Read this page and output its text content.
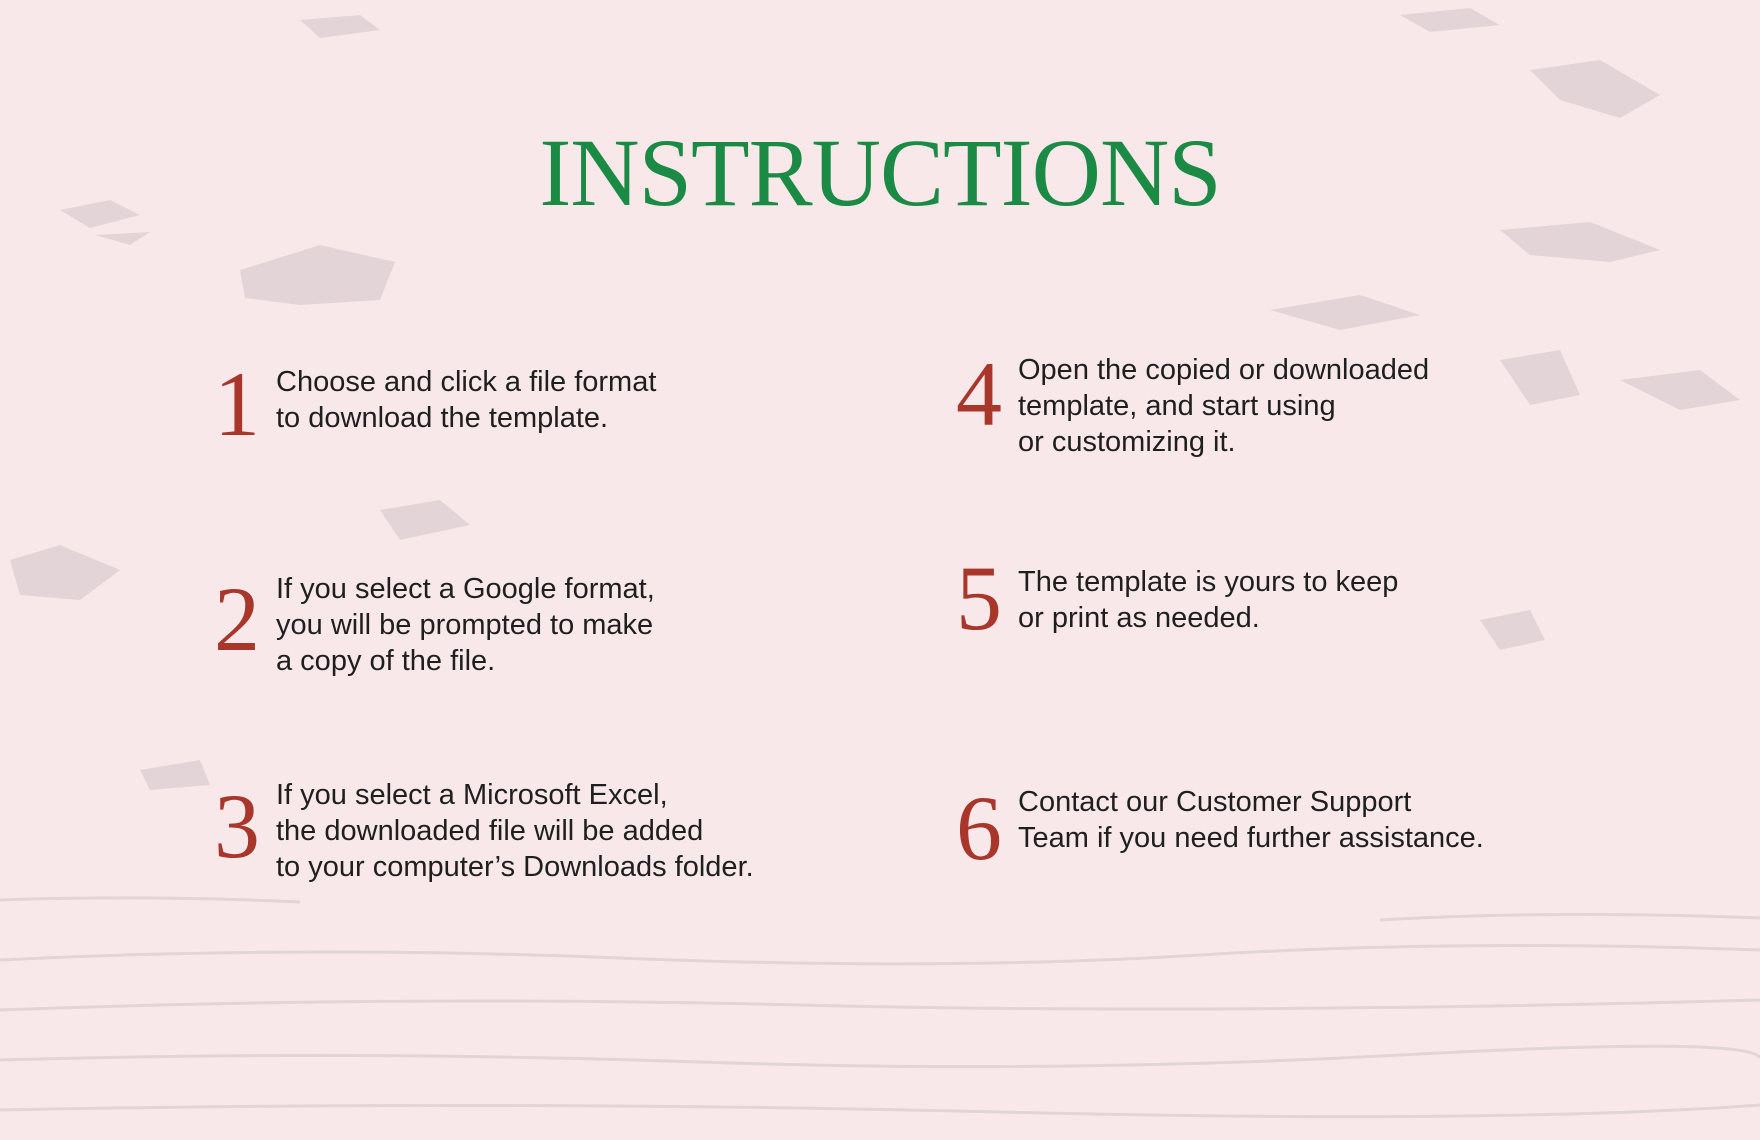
INSTRUCTIONS
1 Choose and click a file format
to download the template.
2 If you select a Google format,
you will be prompted to make
a copy of the file.
3 If you select a Microsoft Excel,
the downloaded file will be added
to your computer’s Downloads folder.
4 Open the copied or downloaded
template, and start using
or customizing it.
5 The template is yours to keep
or print as needed.
6 Contact our Customer Support
Team if you need further assistance.
